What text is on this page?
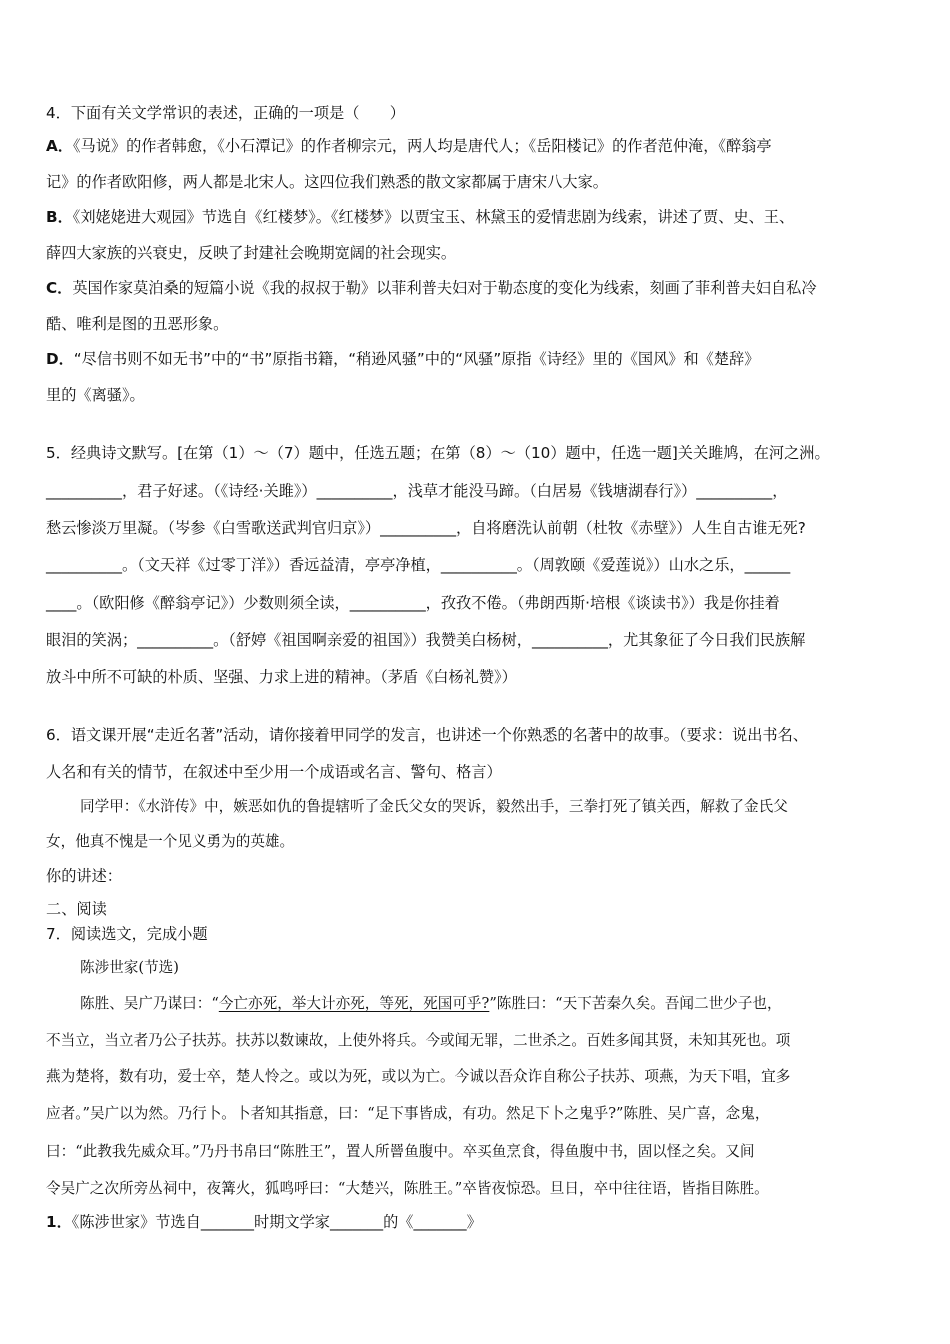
4．下面有关文学常识的表述，正确的一项是（　　）
A．《马说》的作者韩愈，《小石潭记》的作者柳宗元，两人均是唐代人；《岳阳楼记》的作者范仲淹，《醉翁亭
记》的作者欧阳修，两人都是北宋人。这四位我们熟悉的散文家都属于唐宋八大家。
B．《刘姥姥进大观园》节选自《红楼梦》。《红楼梦》以贾宝玉、林黛玉的爱情悲剧为线索，讲述了贾、史、王、
薛四大家族的兴衰史，反映了封建社会晚期宽阔的社会现实。
C．英国作家莫泊桑的短篇小说《我的叔叔于勒》以菲利普夫妇对于勒态度的变化为线索，刻画了菲利普夫妇自私冷
酷、唯利是图的丑恶形象。
D．“尽信书则不如无书”中的“书”原指书籍，“稍逊风骚”中的“风骚”原指《诗经》里的《国风》和《楚辞》
里的《离骚》。
5．经典诗文默写。[在第（1）～（7）题中，任选五题；在第（8）～（10）题中，任选一题]关关雎鸠，在河之洲。
__________，君子好逑。（《诗经·关雎》）__________，浅草才能没马蹄。（白居易《钱塘湖春行》）__________，
愁云惨淡万里凝。（岑参《白雪歌送武判官归京》）__________，自将磨洗认前朝（杜牧《赤壁》）人生自古谁无死?
__________。（文天祥《过零丁洋》）香远益清，亭亭净植，__________。（周敦颐《爱莲说》）山水之乐，______
____。（欧阳修《醉翁亭记》）少数则须全读，__________，孜孜不倦。（弗朗西斯·培根《谈读书》）我是你挂着
眼泪的笑涡；__________。（舒婷《祖国啊亲爱的祖国》）我赞美白杨树，__________，尤其象征了今日我们民族解
放斗中所不可缺的朴质、坚强、力求上进的精神。（茅盾《白杨礼赞》）
6．语文课开展“走近名著”活动，请你接着甲同学的发言，也讲述一个你熟悉的名著中的故事。（要求：说出书名、
人名和有关的情节，在叙述中至少用一个成语或名言、警句、格言）
同学甲：《水浒传》中，嫉恶如仇的鲁提辖听了金氏父女的哭诉，毅然出手，三拳打死了镇关西，解救了金氏父
女，他真不愧是一个见义勇为的英雄。
你的讲述：
二、阅读
7．阅读选文，完成小题
陈涉世家(节选)
陈胜、吴广乃谋曰：“今亡亦死，举大计亦死，等死，死国可乎?”陈胜曰：“天下苦秦久矣。吾闻二世少子也，
不当立，当立者乃公子扶苏。扶苏以数谏故，上使外将兵。今或闻无罪，二世杀之。百姓多闻其贤，未知其死也。项
燕为楚将，数有功，爱士卒，楚人怜之。或以为死，或以为亡。今诚以吾众诈自称公子扶苏、项燕，为天下唱，宜多
应者。”吴广以为然。乃行卜。卜者知其指意，曰：“足下事皆成，有功。然足下卜之鬼乎?”陈胜、吴广喜，念鬼，
曰：“此教我先威众耳。”乃丹书帛曰“陈胜王”，置人所罾鱼腹中。卒买鱼烹食，得鱼腹中书，固以怪之矣。又间
令吴广之次所旁丛祠中，夜篝火，狐鸣呼曰：“大楚兴，陈胜王。”卒皆夜惊恐。旦日，卒中往往语，皆指目陈胜。
1．《陈涉世家》节选自_______时期文学家_______的《_______》
